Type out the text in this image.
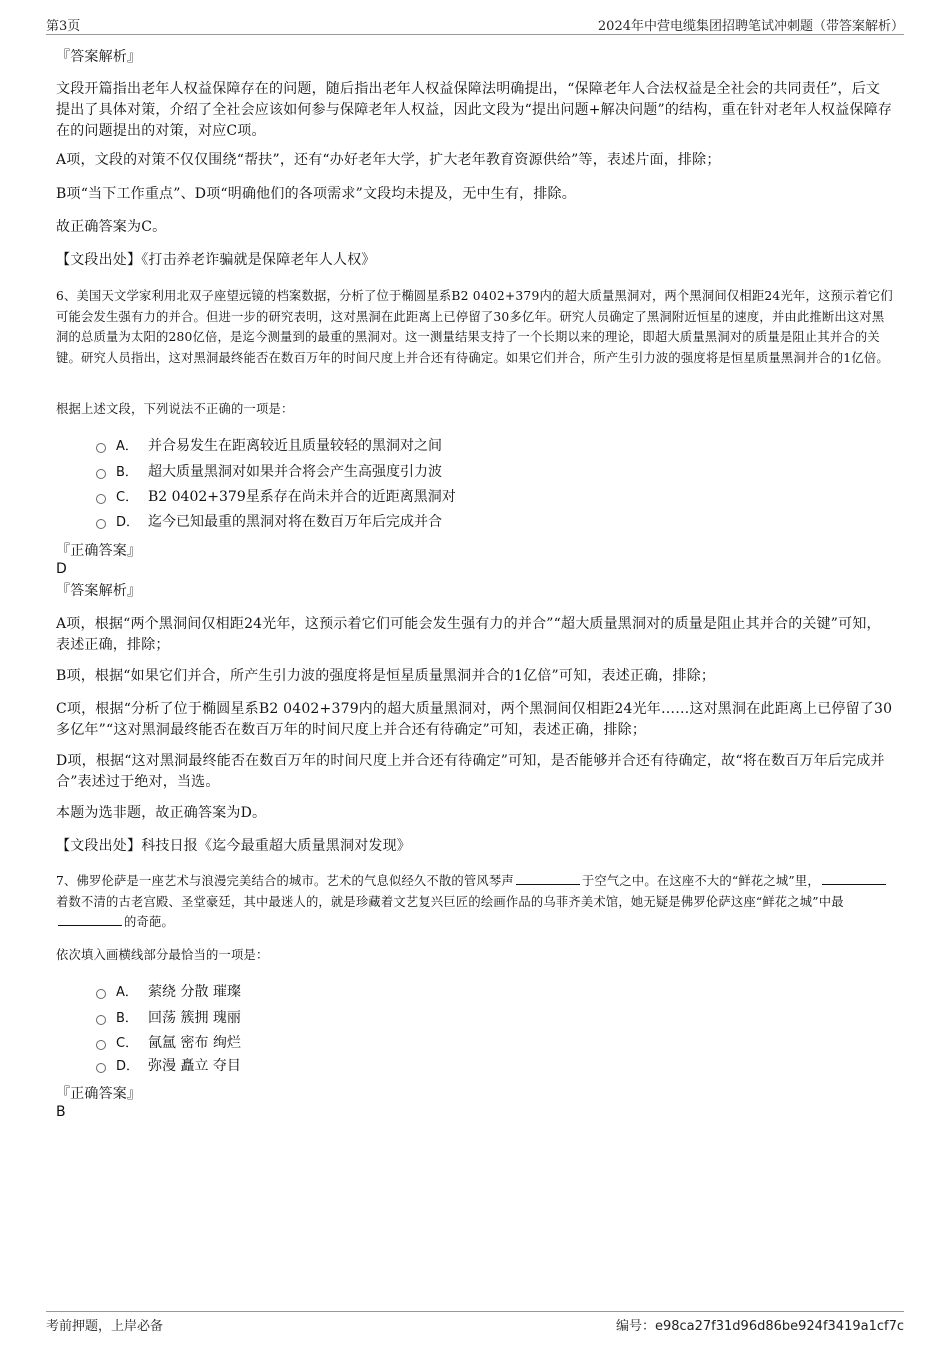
第3页	2024年中营电缆集团招聘笔试冲刺题（带答案解析）
『答案解析』
文段开篇指出老年人权益保障存在的问题，随后指出老年人权益保障法明确提出，“保障老年人合法权益是全社会的共同责任”，后文提出了具体对策，介绍了全社会应该如何参与保障老年人权益，因此文段为“提出问题+解决问题”的结构，重在针对老年人权益保障存在的问题提出的对策，对应C项。
A项，文段的对策不仅仅围绕“帮扶”，还有“办好老年大学，扩大老年教育资源供给”等，表述片面，排除；
B项“当下工作重点”、D项“明确他们的各项需求”文段均未提及，无中生有，排除。
故正确答案为C。
【文段出处】《打击养老诈骗就是保障老年人人权》
6、美国天文学家利用北双子座望远镜的档案数据，分析了位于椭圆星系B2 0402+379内的超大质量黑洞对，两个黑洞间仅相距24光年，这预示着它们可能会发生强有力的并合。但进一步的研究表明，这对黑洞在此距离上已停留了30多亿年。研究人员确定了黑洞附近恒星的速度，并由此推断出这对黑洞的总质量为太阳的280亿倍，是迄今测量到的最重的黑洞对。这一测量结果支持了一个长期以来的理论，即超大质量黑洞对的质量是阻止其并合的关键。研究人员指出，这对黑洞最终能否在数百万年的时间尺度上并合还有待确定。如果它们并合，所产生引力波的强度将是恒星质量黑洞并合的1亿倍。
根据上述文段，下列说法不正确的一项是：
A． 并合易发生在距离较近且质量较轻的黑洞对之间
B． 超大质量黑洞对如果并合将会产生高强度引力波
C． B2 0402+379星系存在尚未并合的近距离黑洞对
D． 迄今已知最重的黑洞对将在数百万年后完成并合
『正确答案』
D
『答案解析』
A项，根据“两个黑洞间仅相距24光年，这预示着它们可能会发生强有力的并合”“超大质量黑洞对的质量是阻止其并合的关键”可知，表述正确，排除；
B项，根据“如果它们并合，所产生引力波的强度将是恒星质量黑洞并合的1亿倍”可知，表述正确，排除；
C项，根据“分析了位于椭圆星系B2 0402+379内的超大质量黑洞对，两个黑洞间仅相距24光年……这对黑洞在此距离上已停留了30多亿年”“这对黑洞最终能否在数百万年的时间尺度上并合还有待确定”可知，表述正确，排除；
D项，根据“这对黑洞最终能否在数百万年的时间尺度上并合还有待确定”可知，是否能够并合还有待确定，故“将在数百万年后完成并合”表述过于绝对，当选。
本题为选非题，故正确答案为D。
【文段出处】科技日报《迄今最重超大质量黑洞对发现》
7、佛罗伦萨是一座艺术与浪漫完美结合的城市。艺术的气息似经久不散的管风琴声	于空气之中。在这座不大的“鲜花之城”里，着数不清的古老宫殿、圣堂豪廷，其中最迷人的，就是珍藏着文艺复兴巨匠的绘画作品的乌菲齐美术馆，她无疑是佛罗伦萨这座“鲜花之城”中最的奇葩。
依次填入画横线部分最恰当的一项是：
A． 萦绕 分散 璀璨
B． 回荡 簇拥 瑰丽
C． 氤氲 密布 绚烂
D． 弥漫 矗立 夺目
『正确答案』
B
考前押题，上岸必备	编号：e98ca27f31d96d86be924f3419a1cf7c
